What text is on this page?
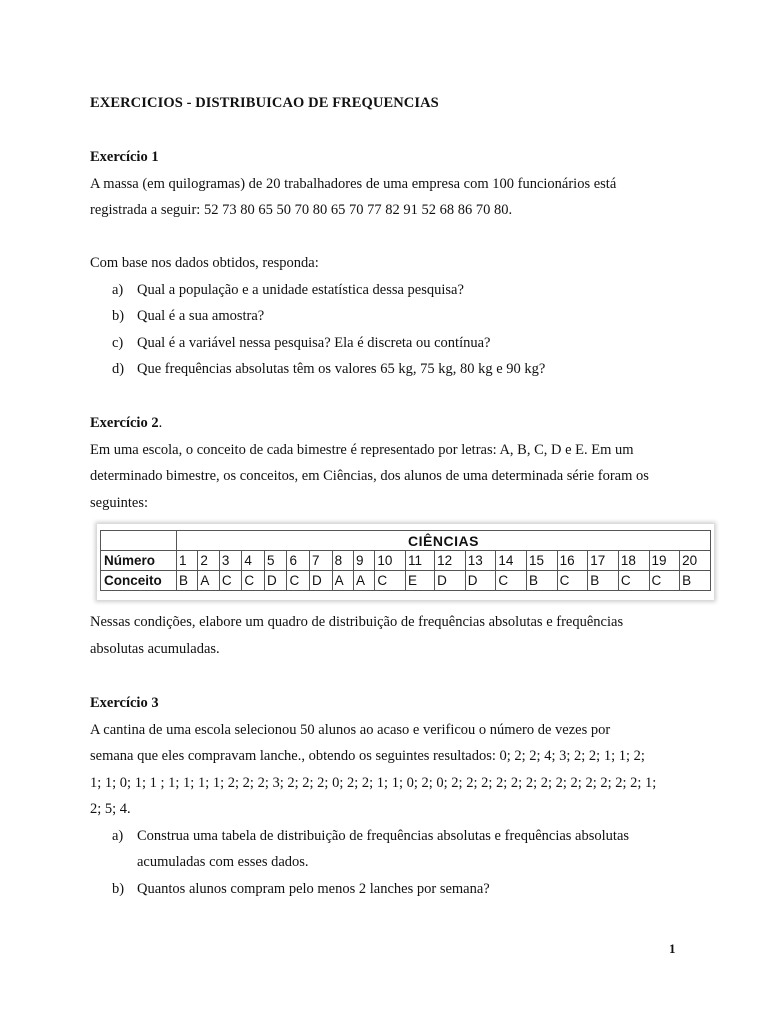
EXERCICIOS - DISTRIBUICAO DE FREQUENCIAS
Exercício 1
A massa (em quilogramas) de 20 trabalhadores de uma empresa com 100 funcionários está
registrada a seguir: 52 73 80 65 50 70 80 65 70 77 82 91 52 68 86 70 80.
Com base nos dados obtidos, responda:
a) Qual a população e a unidade estatística dessa pesquisa?
b) Qual é a sua amostra?
c) Qual é a variável nessa pesquisa? Ela é discreta ou contínua?
d) Que frequências absolutas têm os valores 65 kg, 75 kg, 80 kg e 90 kg?
Exercício 2.
Em uma escola, o conceito de cada bimestre é representado por letras: A, B, C, D e E. Em um
determinado bimestre, os conceitos, em Ciências, dos alunos de uma determinada série foram os
seguintes:
	CIÊNCIAS																			
Número	1	2	3	4	5	6	7	8	9	10	11	12	13	14	15	16	17	18	19	20
Conceito	B	A	C	C	D	C	D	A	A	C	E	D	D	C	B	C	B	C	C	B
Nessas condições, elabore um quadro de distribuição de frequências absolutas e frequências
absolutas acumuladas.
Exercício 3
A cantina de uma escola selecionou 50 alunos ao acaso e verificou o número de vezes por
semana que eles compravam lanche., obtendo os seguintes resultados: 0; 2; 2; 4; 3; 2; 2; 1; 1; 2;
1; 1; 0; 1; 1 ; 1; 1; 1; 1; 2; 2; 2; 3; 2; 2; 2; 0; 2; 2; 1; 1; 0; 2; 0; 2; 2; 2; 2; 2; 2; 2; 2; 2; 2; 2; 2; 2; 1;
2; 5; 4.
a) Construa uma tabela de distribuição de frequências absolutas e frequências absolutas
acumuladas com esses dados.
b) Quantos alunos compram pelo menos 2 lanches por semana?
1
